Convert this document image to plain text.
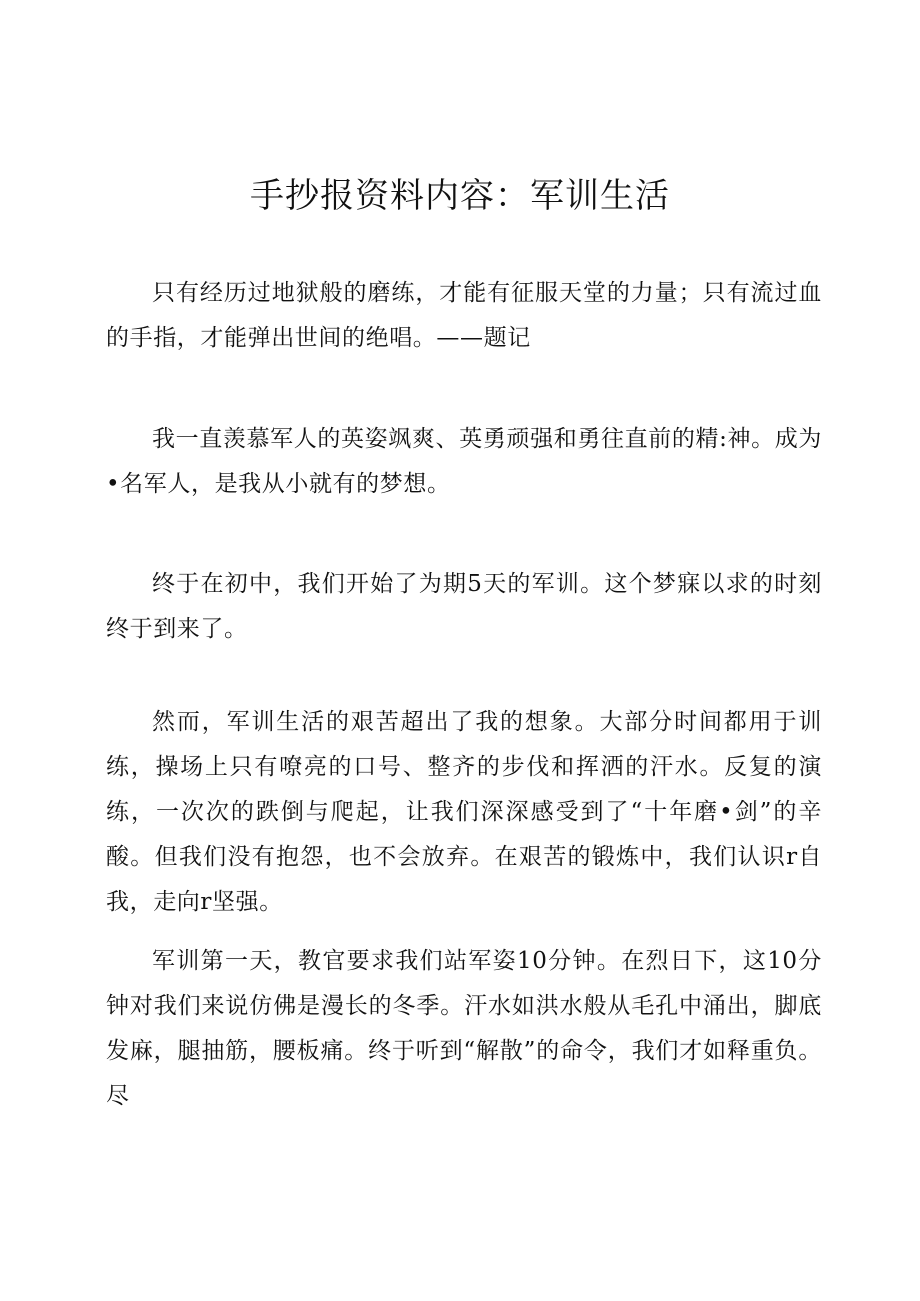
手抄报资料内容：军训生活

只有经历过地狱般的磨练，才能有征服天堂的力量；只有流过血的手指，才能弹出世间的绝唱。——题记

我一直羡慕军人的英姿飒爽、英勇顽强和勇往直前的精:神。成为•名军人，是我从小就有的梦想。

终于在初中，我们开始了为期5天的军训。这个梦寐以求的时刻终于到来了。

然而，军训生活的艰苦超出了我的想象。大部分时间都用于训练，操场上只有嘹亮的口号、整齐的步伐和挥洒的汗水。反复的演练，一次次的跌倒与爬起，让我们深深感受到了“十年磨•剑”的辛酸。但我们没有抱怨，也不会放弃。在艰苦的锻炼中，我们认识r自我，走向r坚强。

军训第一天，教官要求我们站军姿10分钟。在烈日下，这10分钟对我们来说仿佛是漫长的冬季。汗水如洪水般从毛孔中涌出，脚底发麻，腿抽筋，腰板痛。终于听到“解散”的命令，我们才如释重负。尽
